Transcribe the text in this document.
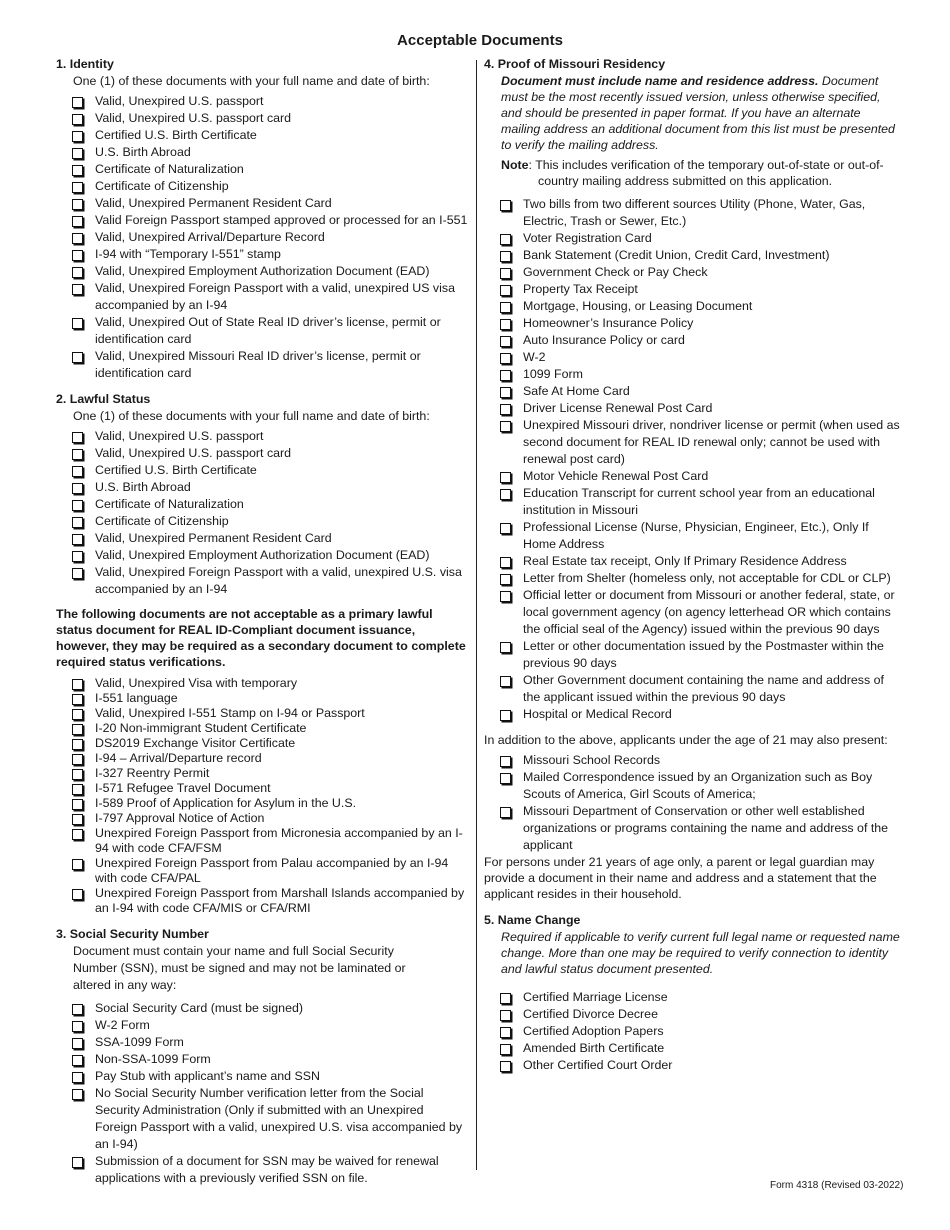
Acceptable Documents

1. Identity

One (1) of these documents with your full name and date of birth:

Valid, Unexpired U.S. passport
Valid, Unexpired U.S. passport card
Certified U.S. Birth Certificate
U.S. Birth Abroad
Certificate of Naturalization
Certificate of Citizenship
Valid, Unexpired Permanent Resident Card
Valid Foreign Passport stamped approved or processed for an I-551
Valid, Unexpired Arrival/Departure Record
I-94 with “Temporary I-551” stamp
Valid, Unexpired Employment Authorization Document (EAD)
Valid, Unexpired Foreign Passport with a valid, unexpired US visa accompanied by an I-94
Valid, Unexpired Out of State Real ID driver’s license, permit or identification card
Valid, Unexpired Missouri Real ID driver’s license, permit or identification card

2. Lawful Status

One (1) of these documents with your full name and date of birth:

Valid, Unexpired U.S. passport
Valid, Unexpired U.S. passport card
Certified U.S. Birth Certificate
U.S. Birth Abroad
Certificate of Naturalization
Certificate of Citizenship
Valid, Unexpired Permanent Resident Card
Valid, Unexpired Employment Authorization Document (EAD)
Valid, Unexpired Foreign Passport with a valid, unexpired U.S. visa accompanied by an I-94

The following documents are not acceptable as a primary lawful status document for REAL ID-Compliant document issuance, however, they may be required as a secondary document to complete required status verifications.

Valid, Unexpired Visa with temporary
I-551 language
Valid, Unexpired I-551 Stamp on I-94 or Passport
I-20 Non-immigrant Student Certificate
DS2019 Exchange Visitor Certificate
I-94 – Arrival/Departure record
I-327 Reentry Permit
I-571 Refugee Travel Document
I-589 Proof of Application for Asylum in the U.S.
I-797 Approval Notice of Action
Unexpired Foreign Passport from Micronesia accompanied by an I-94 with code CFA/FSM
Unexpired Foreign Passport from Palau accompanied by an I-94 with code CFA/PAL
Unexpired Foreign Passport from Marshall Islands accompanied by an I-94 with code CFA/MIS or CFA/RMI

3. Social Security Number

Document must contain your name and full Social Security Number (SSN), must be signed and may not be laminated or altered in any way:

Social Security Card (must be signed)
W-2 Form
SSA-1099 Form
Non-SSA-1099 Form
Pay Stub with applicant’s name and SSN
No Social Security Number verification letter from the Social Security Administration (Only if submitted with an Unexpired Foreign Passport with a valid, unexpired U.S. visa accompanied by an I-94)
Submission of a document for SSN may be waived for renewal applications with a previously verified SSN on file.

4. Proof of Missouri Residency

Document must include name and residence address. Document must be the most recently issued version, unless otherwise specified, and should be presented in paper format. If you have an alternate mailing address an additional document from this list must be presented to verify the mailing address.

Note: This includes verification of the temporary out-of-state or out-of-country mailing address submitted on this application.

Two bills from two different sources Utility (Phone, Water, Gas, Electric, Trash or Sewer, Etc.)
Voter Registration Card
Bank Statement (Credit Union, Credit Card, Investment)
Government Check or Pay Check
Property Tax Receipt
Mortgage, Housing, or Leasing Document
Homeowner’s Insurance Policy
Auto Insurance Policy or card
W-2
1099 Form
Safe At Home Card
Driver License Renewal Post Card
Unexpired Missouri driver, nondriver license or permit (when used as second document for REAL ID renewal only; cannot be used with renewal post card)
Motor Vehicle Renewal Post Card
Education Transcript for current school year from an educational institution in Missouri
Professional License (Nurse, Physician, Engineer, Etc.), Only If Home Address
Real Estate tax receipt, Only If Primary Residence Address
Letter from Shelter (homeless only, not acceptable for CDL or CLP)
Official letter or document from Missouri or another federal, state, or local government agency (on agency letterhead OR which contains the official seal of the Agency) issued within the previous 90 days
Letter or other documentation issued by the Postmaster within the previous 90 days
Other Government document containing the name and address of the applicant issued within the previous 90 days
Hospital or Medical Record

In addition to the above, applicants under the age of 21 may also present:

Missouri School Records
Mailed Correspondence issued by an Organization such as Boy Scouts of America, Girl Scouts of America;
Missouri Department of Conservation or other well established organizations or programs containing the name and address of the applicant

For persons under 21 years of age only, a parent or legal guardian may provide a document in their name and address and a statement that the applicant resides in their household.

5. Name Change

Required if applicable to verify current full legal name or requested name change. More than one may be required to verify connection to identity and lawful status document presented.

Certified Marriage License
Certified Divorce Decree
Certified Adoption Papers
Amended Birth Certificate
Other Certified Court Order
Form 4318 (Revised 03-2022)
